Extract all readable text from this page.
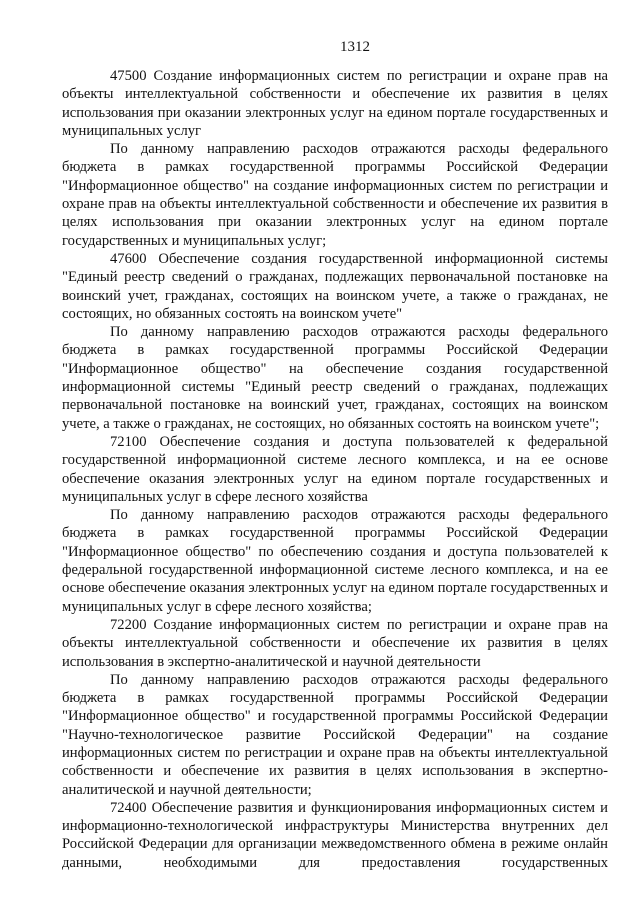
1312

47500 Создание информационных систем по регистрации и охране прав на объекты интеллектуальной собственности и обеспечение их развития в целях использования при оказании электронных услуг на едином портале государственных и муниципальных услуг

По данному направлению расходов отражаются расходы федерального бюджета в рамках государственной программы Российской Федерации "Информационное общество" на создание информационных систем по регистрации и охране прав на объекты интеллектуальной собственности и обеспечение их развития в целях использования при оказании электронных услуг на едином портале государственных и муниципальных услуг;

47600 Обеспечение создания государственной информационной системы "Единый реестр сведений о гражданах, подлежащих первоначальной постановке на воинский учет, гражданах, состоящих на воинском учете, а также о гражданах, не состоящих, но обязанных состоять на воинском учете"

По данному направлению расходов отражаются расходы федерального бюджета в рамках государственной программы Российской Федерации "Информационное общество" на обеспечение создания государственной информационной системы "Единый реестр сведений о гражданах, подлежащих первоначальной постановке на воинский учет, гражданах, состоящих на воинском учете, а также о гражданах, не состоящих, но обязанных состоять на воинском учете";

72100 Обеспечение создания и доступа пользователей к федеральной государственной информационной системе лесного комплекса, и на ее основе обеспечение оказания электронных услуг на едином портале государственных и муниципальных услуг в сфере лесного хозяйства

По данному направлению расходов отражаются расходы федерального бюджета в рамках государственной программы Российской Федерации "Информационное общество" по обеспечению создания и доступа пользователей к федеральной государственной информационной системе лесного комплекса, и на ее основе обеспечение оказания электронных услуг на едином портале государственных и муниципальных услуг в сфере лесного хозяйства;

72200 Создание информационных систем по регистрации и охране прав на объекты интеллектуальной собственности и обеспечение их развития в целях использования в экспертно-аналитической и научной деятельности

По данному направлению расходов отражаются расходы федерального бюджета в рамках государственной программы Российской Федерации "Информационное общество" и государственной программы Российской Федерации "Научно-технологическое развитие Российской Федерации" на создание информационных систем по регистрации и охране прав на объекты интеллектуальной собственности и обеспечение их развития в целях использования в экспертно-аналитической и научной деятельности;

72400 Обеспечение развития и функционирования информационных систем и информационно-технологической инфраструктуры Министерства внутренних дел Российской Федерации для организации межведомственного обмена в режиме онлайн данными, необходимыми для предоставления государственных
